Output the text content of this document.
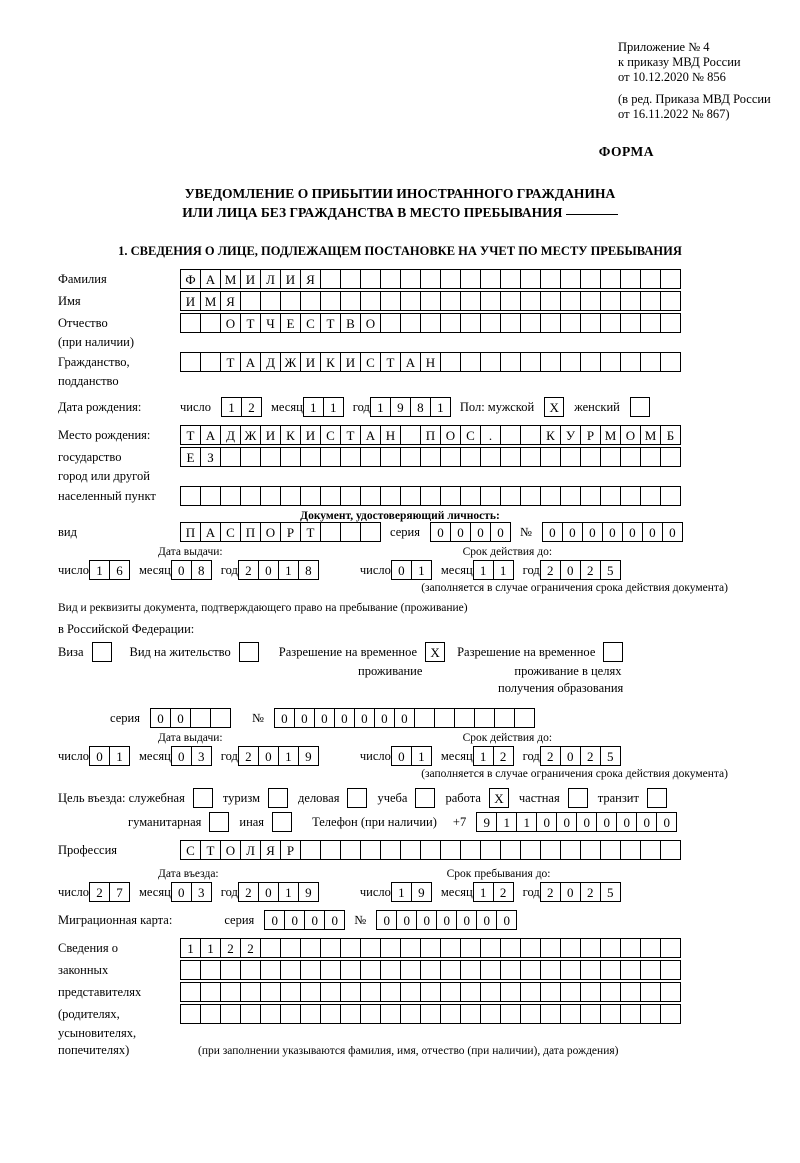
Приложение № 4
к приказу МВД России
от 10.12.2020 № 856
(в ред. Приказа МВД России
от 16.11.2022 № 867)
ФОРМА
УВЕДОМЛЕНИЕ О ПРИБЫТИИ ИНОСТРАННОГО ГРАЖДАНИНА
ИЛИ ЛИЦА БЕЗ ГРАЖДАНСТВА В МЕСТО ПРЕБЫВАНИЯ
1. СВЕДЕНИЯ О ЛИЦЕ, ПОДЛЕЖАЩЕМ ПОСТАНОВКЕ НА УЧЕТ ПО МЕСТУ ПРЕБЫВАНИЯ
Фамилия	Ф А М И Л И Я
Имя	И М Я
Отчество	О Т Ч Е С Т В О
(при наличии)
Гражданство,	Т А Д Ж И К И С Т А Н
подданство
Дата рождения:	число	1	2	месяц 1	1	год 1	9	8	1	Пол: мужской	X	женский
Место рождения:	Т А Д Ж И К И С Т А Н	П О С	.	К У Р М О М Б
государство	Е З
город или другой
населенный пункт
Документ, удостоверяющий личность:
вид	П А С П О Р Т	серия	0	0	0	0	№	0	0	0	0	0	0	0
Дата выдачи:	Срок действия до:
число 1	6	месяц 0	8	год 2	0	1	8	число 0	1	месяц 1	1	год 2	0	2	5
(заполняется в случае ограничения срока действия документа)
Вид и реквизиты документа, подтверждающего право на пребывание (проживание)
в Российской Федерации:
Виза	Вид на жительство	Разрешение на временное	X	Разрешение на временное
проживание	проживание в целях
получения образования
серия	0	0	№	0	0	0	0	0	0	0
Дата выдачи:	Срок действия до:
число 0	1	месяц 0	3	год 2	0	1	9	число 0	1	месяц 1	2	год 2	0	2	5
(заполняется в случае ограничения срока действия документа)
Цель въезда: служебная	туризм	деловая	учеба	работа	X	частная	транзит
гуманитарная	иная	Телефон (при наличии) +7	9	1	1	0	0	0	0	0	0	0
Профессия	С Т О Л Я Р
Дата въезда:	Срок пребывания до:
число 2	7	месяц 0	3	год 2	0	1	9	число 1	9	месяц 1	2	год 2	0	2	5
Миграционная карта:	серия	0	0	0	0	№	0	0	0	0	0	0	0
Сведения о	1	1	2	2
законных
представителях
(родителях,
усыновителях,
попечителях)	(при заполнении указываются фамилия, имя, отчество (при наличии), дата рождения)
